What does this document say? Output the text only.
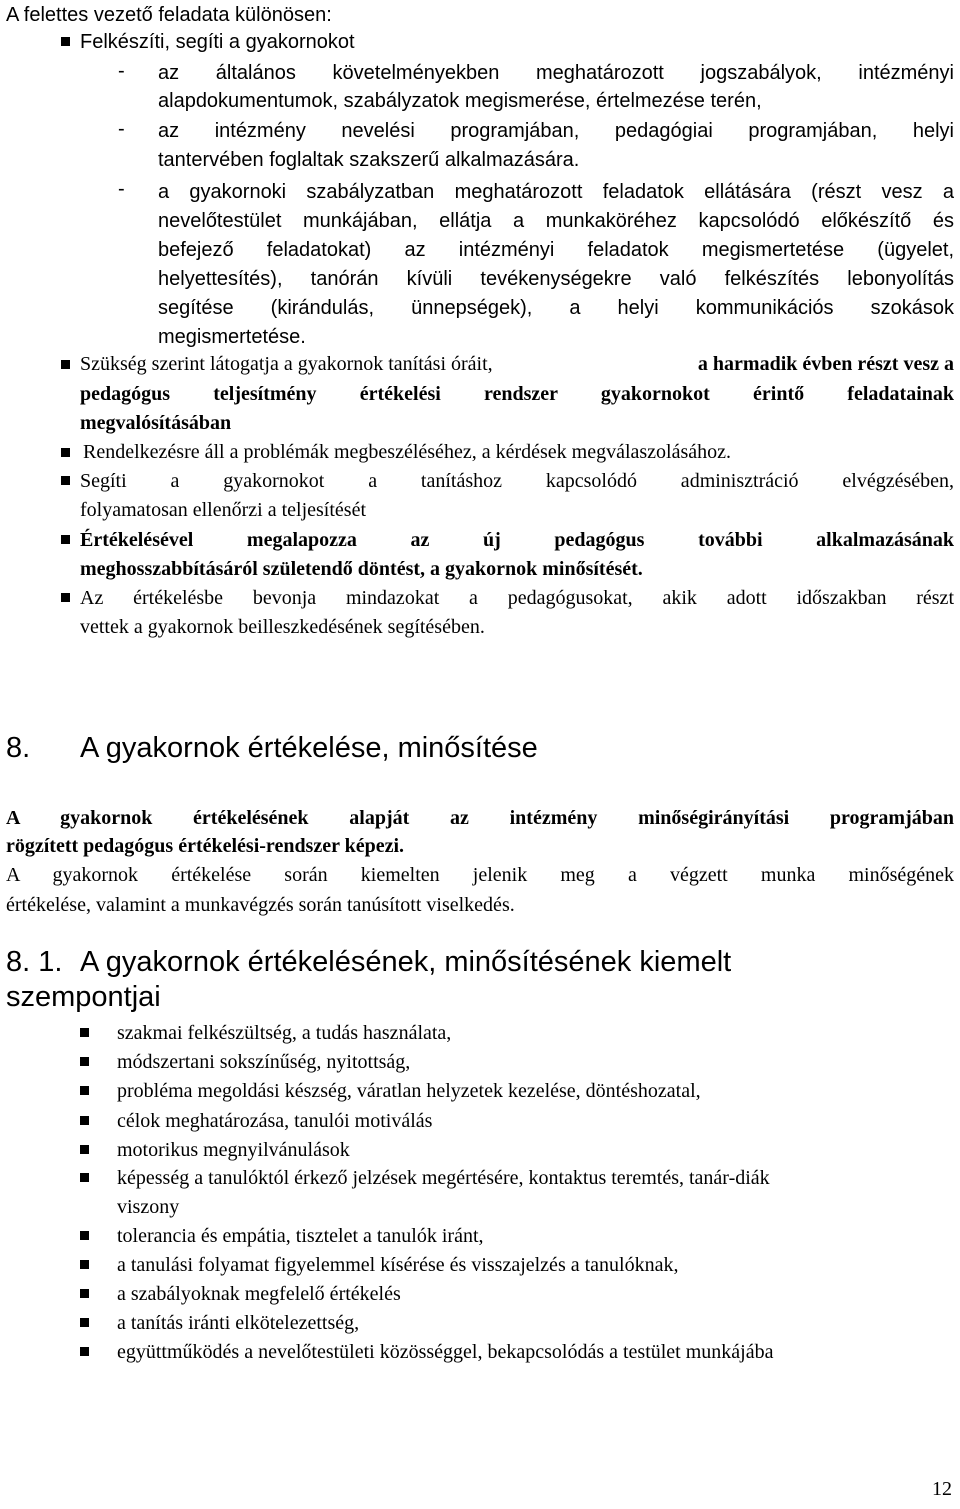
A felettes vezető feladata különösen:
Felkészíti, segíti a gyakornokot
- az általános követelményekben meghatározott jogszabályok, intézményi
alapdokumentumok, szabályzatok megismerése, értelmezése terén,
- az intézmény nevelési programjában, pedagógiai programjában, helyi
tantervében foglaltak szakszerű alkalmazására.
- a gyakornoki szabályzatban meghatározott feladatok ellátására (részt vesz a
nevelőtestület munkájában, ellátja a munkaköréhez kapcsolódó előkészítő és
befejező feladatokat) az intézményi feladatok megismertetése (ügyelet,
helyettesítés), tanórán kívüli tevékenységekre való felkészítés lebonyolítás
segítése (kirándulás, ünnepségek), a helyi kommunikációs szokások
megismertetése.
Szükség szerint látogatja a gyakornok tanítási óráit,	a harmadik évben részt vesz a
pedagógus teljesítmény értékelési rendszer gyakornokot érintő feladatainak
megvalósításában
Rendelkezésre áll a problémák megbeszéléséhez, a kérdések megválaszolásához.
Segíti a gyakornokot a tanításhoz kapcsolódó adminisztráció elvégzésében,
folyamatosan ellenőrzi a teljesítését
Értékelésével megalapozza az új pedagógus további alkalmazásának
meghosszabbításáról születendő döntést, a gyakornok minősítését.
Az értékelésbe bevonja mindazokat a pedagógusokat, akik adott időszakban részt
vettek a gyakornok beilleszkedésének segítésében.
8. A gyakornok értékelése, minősítése
A gyakornok értékelésének alapját az intézmény minőségirányítási programjában
rögzített pedagógus értékelési-rendszer képezi.
A gyakornok értékelése során kiemelten jelenik meg a végzett munka minőségének
értékelése, valamint a munkavégzés során tanúsított viselkedés.
8. 1. A gyakornok értékelésének, minősítésének kiemelt
szempontjai
szakmai felkészültség, a tudás használata,
módszertani sokszínűség, nyitottság,
probléma megoldási készség, váratlan helyzetek kezelése, döntéshozatal,
célok meghatározása, tanulói motiválás
motorikus megnyilvánulások
képesség a tanulóktól érkező jelzések megértésére, kontaktus teremtés, tanár-diák
viszony
tolerancia és empátia, tisztelet a tanulók iránt,
a tanulási folyamat figyelemmel kísérése és visszajelzés a tanulóknak,
a szabályoknak megfelelő értékelés
a tanítás iránti elkötelezettség,
együttműködés a nevelőtestületi közösséggel, bekapcsolódás a testület munkájába
12
